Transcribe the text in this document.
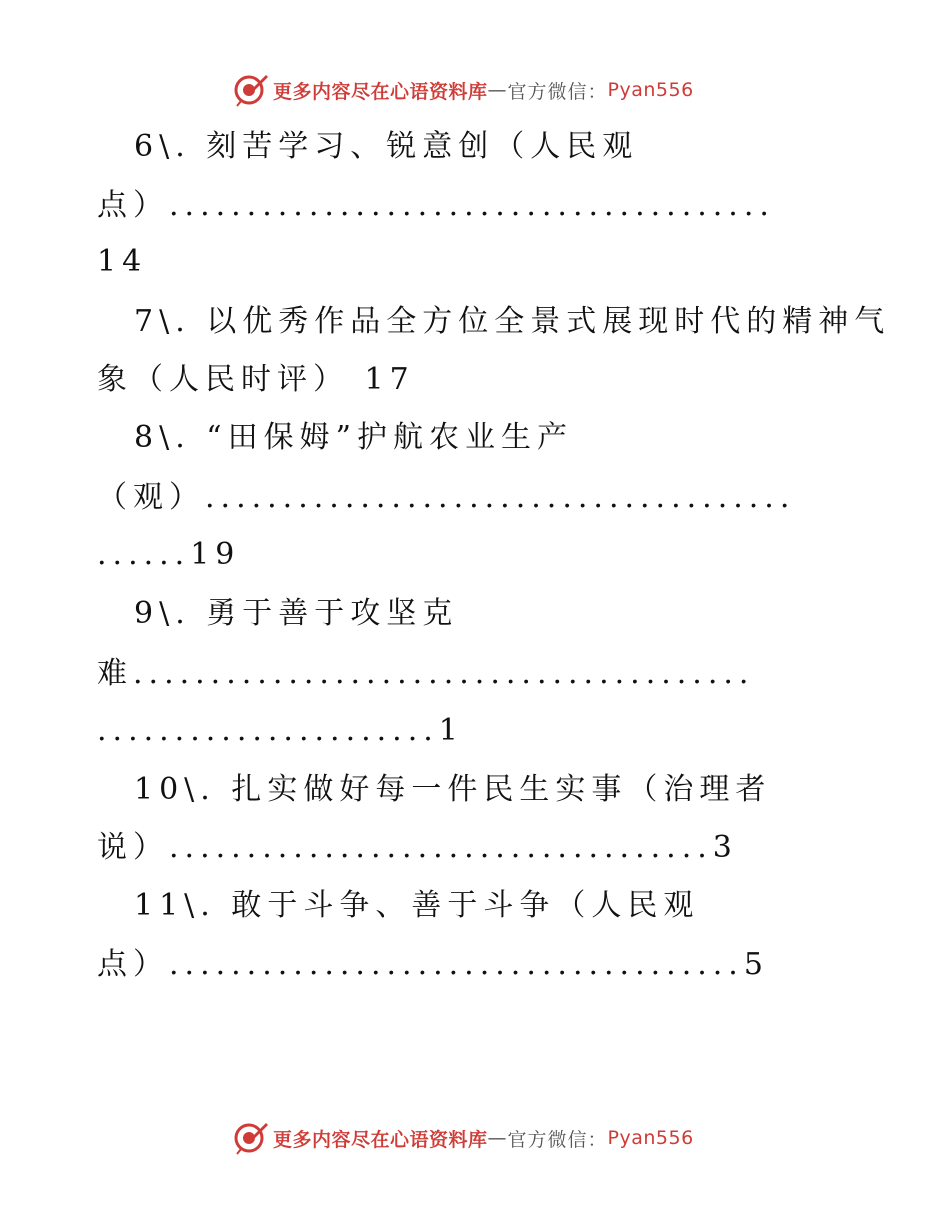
更多内容尽在心语资料库 — 官方微信： Pyan556
6\. 刻苦学习、锐意创（人民观
点）.......................................
14
7\. 以优秀作品全方位全景式展现时代的精神气
象（人民时评） 17
8\. “田保姆”护航农业生产
（观）......................................
......19
9\. 勇于善于攻坚克
难........................................
......................1
10\. 扎实做好每一件民生实事（治理者
说）...................................3
11\. 敢于斗争、善于斗争（人民观
点）.....................................5
更多内容尽在心语资料库 — 官方微信： Pyan556
